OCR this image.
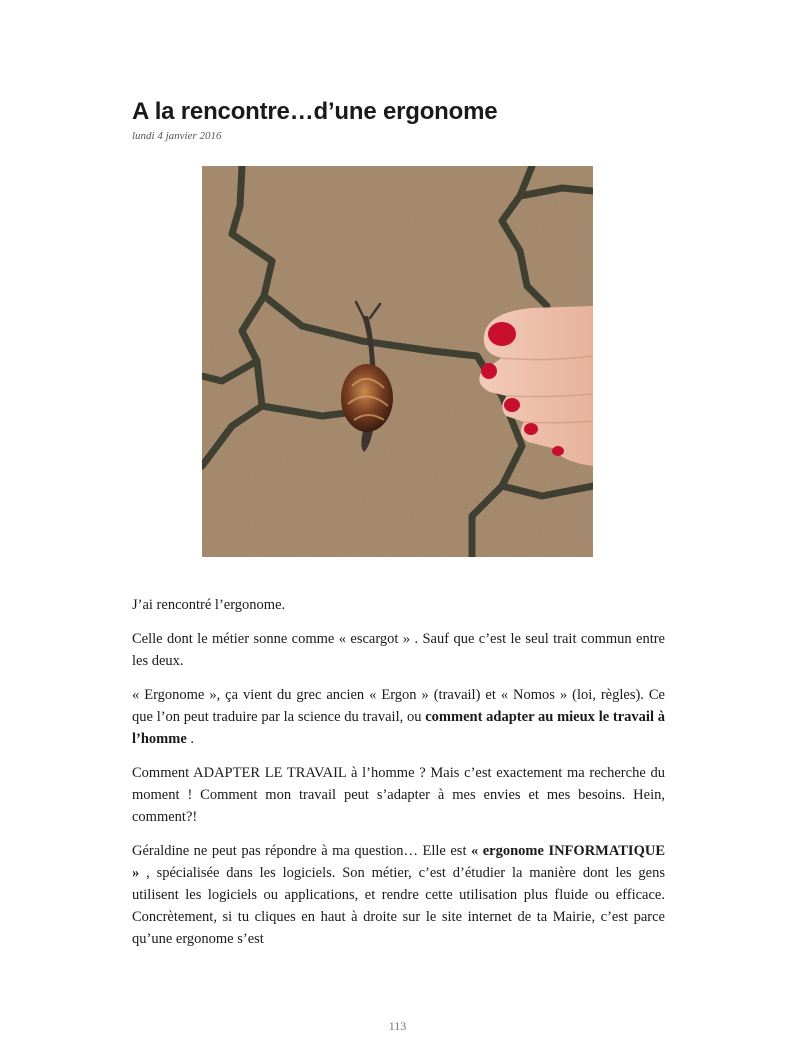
A la rencontre…d’une ergonome
lundi 4 janvier 2016

J’ai rencontré l’ergonome.

Celle dont le métier sonne comme « escargot » . Sauf que c’est le seul trait commun entre les deux.

« Ergonome », ça vient du grec ancien « Ergon » (travail) et « Nomos » (loi, règles). Ce que l’on peut traduire par la science du travail, ou comment adapter au mieux le travail à l’homme .

Comment ADAPTER LE TRAVAIL à l’homme ? Mais c’est exactement ma recherche du moment ! Comment mon travail peut s’adapter à mes envies et mes besoins. Hein, comment?!

Géraldine ne peut pas répondre à ma question… Elle est « ergonome INFORMATIQUE » , spécialisée dans les logiciels. Son métier, c’est d’étudier la manière dont les gens utilisent les logiciels ou applications, et rendre cette utilisation plus fluide ou efficace. Concrètement, si tu cliques en haut à droite sur le site internet de ta Mairie, c’est parce qu’une ergonome s’est

113
